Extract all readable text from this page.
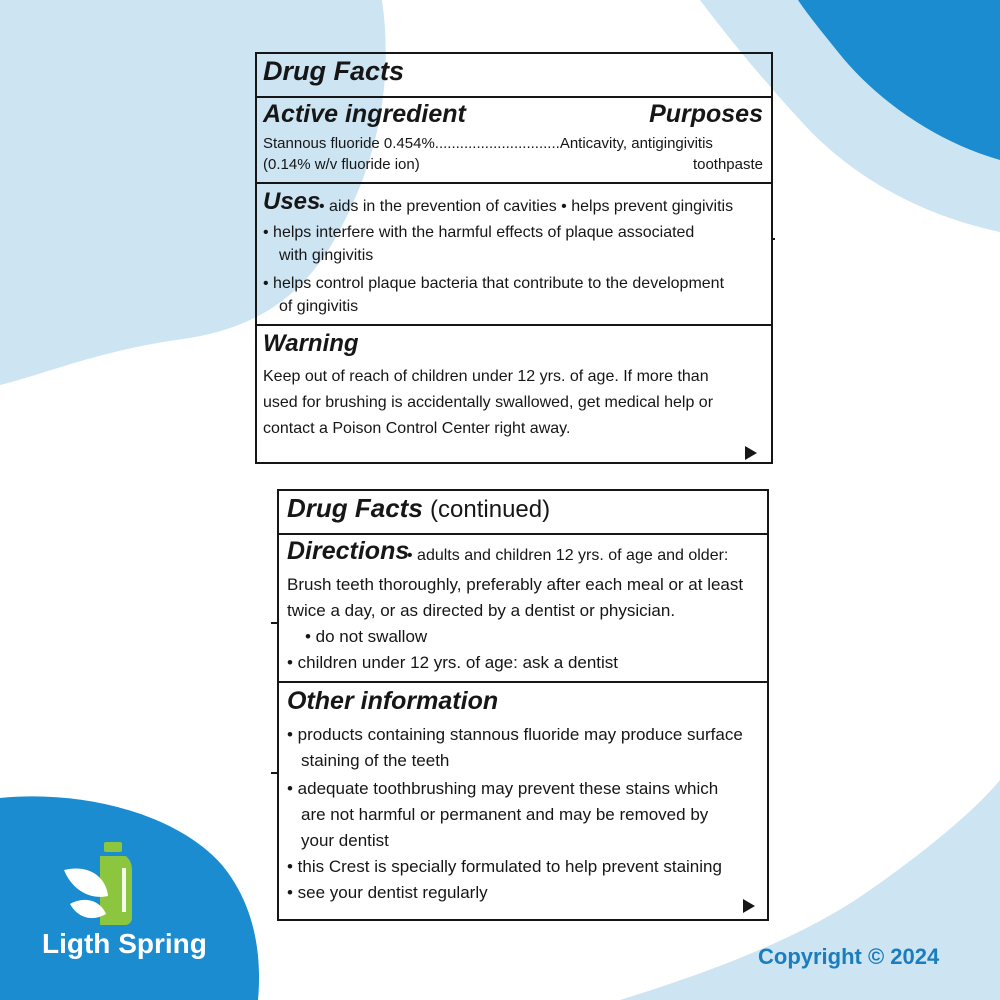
Ligth Spring	Copyright © 2024
Drug Facts
Active ingredient	Purposes
Stannous fluoride 0.454%..............................Anticavity, antigingivitis
(0.14% w/v fluoride ion)	toothpaste
Uses
• aids in the prevention of cavities • helps prevent gingivitis
• helps interfere with the harmful effects of plaque associated
with gingivitis
• helps control plaque bacteria that contribute to the development
of gingivitis
Warning
Keep out of reach of children under 12 yrs. of age. If more than
used for brushing is accidentally swallowed, get medical help or
contact a Poison Control Center right away.
Drug Facts (continued)
Directions
• adults and children 12 yrs. of age and older:
Brush teeth thoroughly, preferably after each meal or at least
twice a day, or as directed by a dentist or physician.
• do not swallow
• children under 12 yrs. of age: ask a dentist
Other information
• products containing stannous fluoride may produce surface
staining of the teeth
• adequate toothbrushing may prevent these stains which
are not harmful or permanent and may be removed by
your dentist
• this Crest is specially formulated to help prevent staining
• see your dentist regularly
